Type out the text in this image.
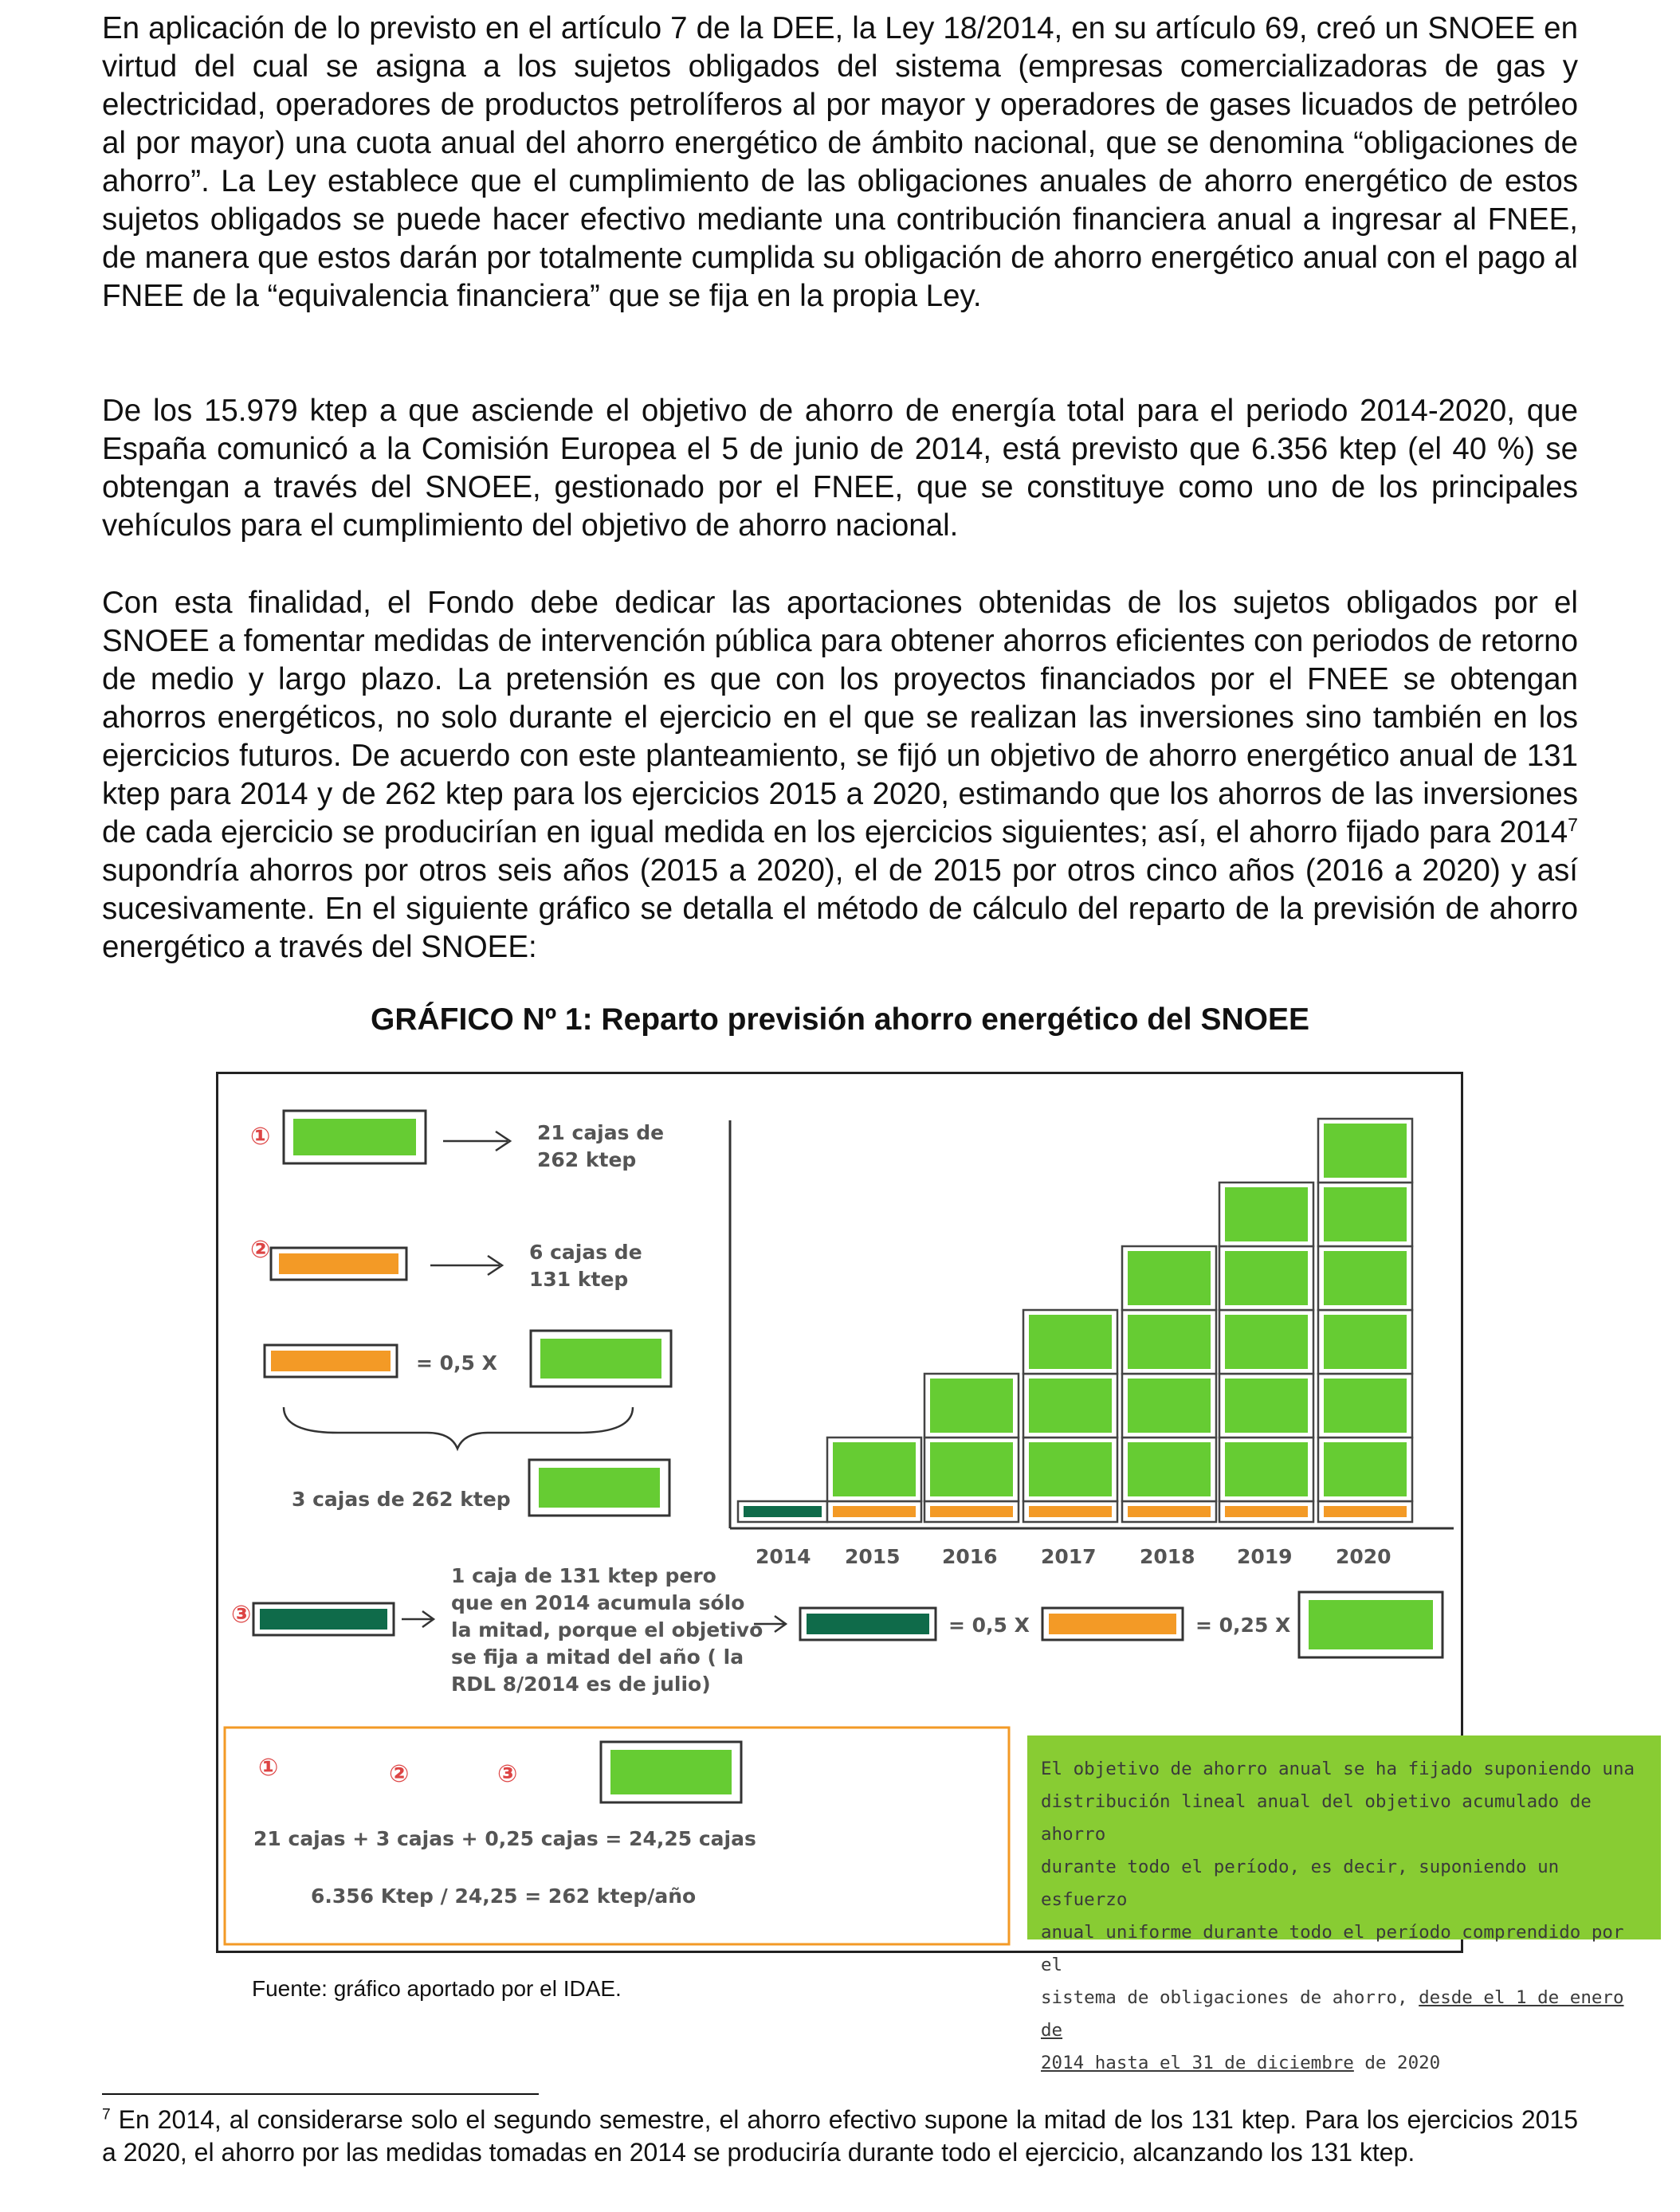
En aplicación de lo previsto en el artículo 7 de la DEE, la Ley 18/2014, en su artículo 69, creó un SNOEE en virtud del cual se asigna a los sujetos obligados del sistema (empresas comercializadoras de gas y electricidad, operadores de productos petrolíferos al por mayor y operadores de gases licuados de petróleo al por mayor) una cuota anual del ahorro energético de ámbito nacional, que se denomina “obligaciones de ahorro”. La Ley establece que el cumplimiento de las obligaciones anuales de ahorro energético de estos sujetos obligados se puede hacer efectivo mediante una contribución financiera anual a ingresar al FNEE, de manera que estos darán por totalmente cumplida su obligación de ahorro energético anual con el pago al FNEE de la “equivalencia financiera” que se fija en la propia Ley.

De los 15.979 ktep a que asciende el objetivo de ahorro de energía total para el periodo 2014-2020, que España comunicó a la Comisión Europea el 5 de junio de 2014, está previsto que 6.356 ktep (el 40 %) se obtengan a través del SNOEE, gestionado por el FNEE, que se constituye como uno de los principales vehículos para el cumplimiento del objetivo de ahorro nacional.

Con esta finalidad, el Fondo debe dedicar las aportaciones obtenidas de los sujetos obligados por el SNOEE a fomentar medidas de intervención pública para obtener ahorros eficientes con periodos de retorno de medio y largo plazo. La pretensión es que con los proyectos financiados por el FNEE se obtengan ahorros energéticos, no solo durante el ejercicio en el que se realizan las inversiones sino también en los ejercicios futuros. De acuerdo con este planteamiento, se fijó un objetivo de ahorro energético anual de 131 ktep para 2014 y de 262 ktep para los ejercicios 2015 a 2020, estimando que los ahorros de las inversiones de cada ejercicio se producirían en igual medida en los ejercicios siguientes; así, el ahorro fijado para 2014$^7$ supondría ahorros por otros seis años (2015 a 2020), el de 2015 por otros cinco años (2016 a 2020) y así sucesivamente. En el siguiente gráfico se detalla el método de cálculo del reparto de la previsión de ahorro energético a través del SNOEE:

GRÁFICO Nº 1: Reparto previsión ahorro energético del SNOEE

①	21 cajas de
262 ktep
②	6 cajas de
131 ktep
= 0,5 X
3 cajas de 262 ktep
2014 2015 2016 2017 2018 2019 2020
③
1 caja de 131 ktep pero
que en 2014 acumula sólo
la mitad, porque el objetivo
se fija a mitad del año ( la
RDL 8/2014 es de julio)
= 0,5 X	= 0,25 X
①	②	③
21 cajas + 3 cajas + 0,25 cajas = 24,25 cajas
6.356 Ktep / 24,25 = 262 ktep/año

El objetivo de ahorro anual se ha fijado suponiendo una
distribución lineal anual del objetivo acumulado de ahorro
durante todo el período, es decir, suponiendo un esfuerzo
anual uniforme durante todo el período comprendido por el
sistema de obligaciones de ahorro, desde el 1 de enero de
2014 hasta el 31 de diciembre de 2020

Fuente: gráfico aportado por el IDAE.

$^7$ En 2014, al considerarse solo el segundo semestre, el ahorro efectivo supone la mitad de los 131 ktep. Para los ejercicios 2015 a 2020, el ahorro por las medidas tomadas en 2014 se produciría durante todo el ejercicio, alcanzando los 131 ktep.
